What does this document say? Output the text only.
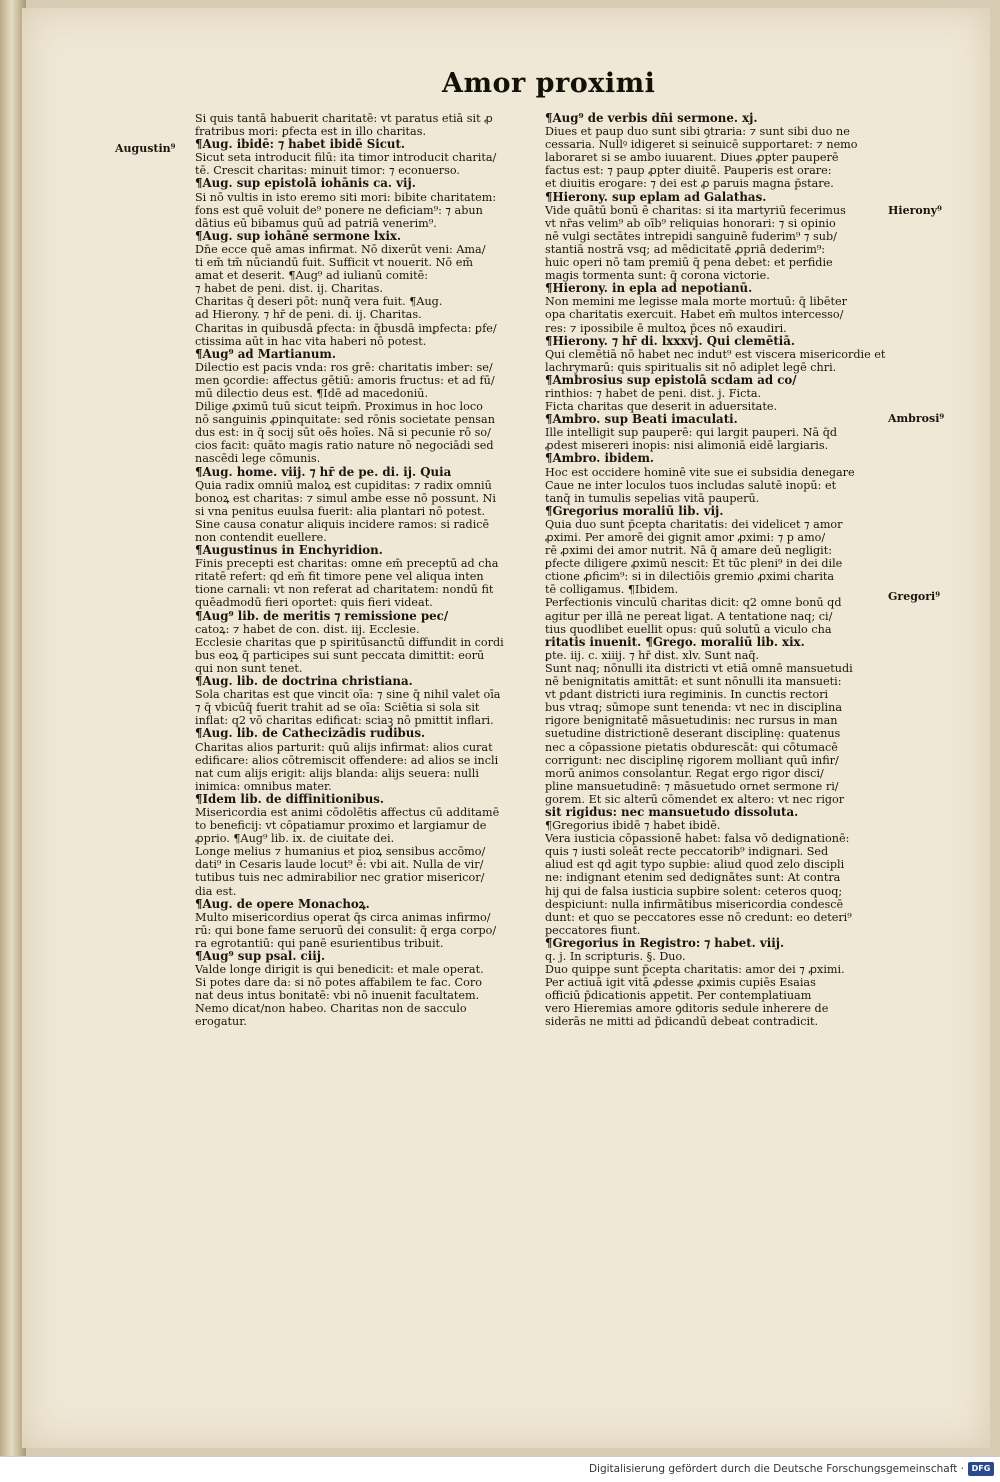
Amor proximi
Augustin⁹
Hierony⁹
Ambrosi⁹
Gregori⁹
Si quis tantā habuerit charitatē: vt paratus etiā sit ꝓ
fratribus mori: ꝑfecta est in illo charitas.
¶Aug. ibidē: ⁊ habet ibidē Sicut.
Sicut seta introducit filū: ita timor introducit charita/
tē. Crescit charitas: minuit timor: ⁊ econuerso.
¶Aug. sup epistolā iohānis ca. vij.
Si nō vultis in isto eremo siti mori: bibite charitatem:
fons est quē voluit de⁹ ponere ne deficiam⁹: ⁊ abun
dātius eū bibamus quū ad patriā venerim⁹.
¶Aug. sup iohānē sermone lxix.
Dn̄e ecce quē amas infirmat. Nō dixerūt veni: Ama/
ti em̄ tm̄ nūciandū fuit. Sufficit vt nouerit. Nō em̄
amat et deserit. ¶Aug⁹ ad iulianū comitē:
⁊ habet de peni. dist. ij. Charitas.
Charitas q̄ deseri pōt: nunq̄ vera fuit. ¶Aug.
ad Hierony. ⁊ hr̄ de peni. di. ij. Charitas.
Charitas in quibusdā ꝑfecta: in q̄busdā imꝑfecta: ꝑfe/
ctissima aūt in hac vita haberi nō potest.
¶Aug⁹ ad Martianum.
Dilectio est pacis vnda: ros grē: charitatis imber: se/
men ꝯcordie: affectus gētiū: amoris fructus: et ad fū/
mū dilectio deus est. ¶Idē ad macedoniū.
Dilige ꝓximū tuū sicut teipm̄. Proximus in hoc loco
nō sanguinis ꝓpinquitate: sed rōnis societate pensan
dus est: in q̄ socij sūt oēs hoīes. Nā si pecunie rō so/
cios facit: quāto magis ratio nature nō negociādi sed
nascēdi lege cōmunis.
¶Aug. home. viij. ⁊ hr̄ de pe. di. ij. Quia
Quia radix omniū maloꝝ est cupiditas: ⁊ radix omniū
bonoꝝ est charitas: ⁊ simul ambe esse nō possunt. Ni
si vna penitus euulsa fuerit: alia plantari nō potest.
Sine causa conatur aliquis incidere ramos: si radicē
non contendit euellere.
¶Augustinus in Enchyridion.
Finis precepti est charitas: omne em̄ preceptū ad cha
ritatē refert: qd̄ em̄ fit timore pene vel aliqua inten
tione carnali: vt non referat ad charitatem: nondū fit
quēadmodū fieri oportet: quis fieri videat.
¶Aug⁹ lib. de meritis ⁊ remissione pec/
catoꝝ: ⁊ habet de con. dist. iij. Ecclesie.
Ecclesie charitas que p spiritūsanctū diffundit in cordi
bus eoꝝ q̄ participes sui sunt peccata dimittit: eorū
qui non sunt tenet.
¶Aug. lib. de doctrina christiana.
Sola charitas est que vincit oīa: ⁊ sine q̄ nihil valet oīa
⁊ q̄ vbicūq̄ fuerit trahit ad se oīa: Sciētia si sola sit
inflat: q2 vō charitas edificat: sciaꝫ nō pmittit inflari.
¶Aug. lib. de Cathecizādis rudibus.
Charitas alios parturit: quū alijs infirmat: alios curat
edificare: alios cōtremiscit offendere: ad alios se incli
nat cum alijs erigit: alijs blanda: alijs seuera: nulli
inimica: omnibus mater.
¶Idem lib. de diffinitionibus.
Misericordia est animi cōdolētis affectus cū additamē
to beneficij: vt cōpatiamur proximo et largiamur de
ꝓprio. ¶Aug⁹ lib. ix. de ciuitate dei.
Longe melius ⁊ humanius et pioꝝ sensibus accōmo/
dati⁹ in Cesaris laude locut⁹ ē: vbi ait. Nulla de vir/
tutibus tuis nec admirabilior nec gratior misericor/
dia est.
¶Aug. de opere Monachoꝝ.
Multo misericordius operat q̄s circa animas infirmo/
rū: qui bone fame seruorū dei consulit: q̄ erga corpo/
ra egrotantiū: qui panē esurientibus tribuit.
¶Aug⁹ sup psal. ciij.
Valde longe dirigit is qui benedicit: et male operat.
Si potes dare da: si nō potes affabilem te fac. Coro
nat deus intus bonitatē: vbi nō inuenit facultatem.
Nemo dicat/non habeo. Charitas non de sacculo
erogatur.
¶Aug⁹ de verbis dn̄i sermone. xj.
Diues et paup duo sunt sibi ꝯtraria: ⁊ sunt sibi duo ne
cessaria. Nullꝰ idigeret si seinuicē supportaret: ⁊ nemo
laboraret si se ambo iuuarent. Diues ꝓpter pauperē
factus est: ⁊ paup ꝓpter diuitē. Pauperis est orare:
et diuitis erogare: ⁊ dei est ꝓ paruis magna p̄stare.
¶Hierony. sup eplam ad Galathas.
Vide quātū bonū ē charitas: si ita martyriū fecerimus
vt nr̄as velim⁹ ab oīb⁹ reliquias honorari: ⁊ si opinio
nē vulgi sectātes intrepidi sanguinē fuderim⁹ ⁊ sub/
stantiā nostrā vsq; ad mēdicitatē ꝓpriā dederim⁹:
huic operi nō tam premiū q̄ pena debet: et perfidie
magis tormenta sunt: q̄ corona victorie.
¶Hierony. in epla ad nepotianū.
Non memini me legisse mala morte mortuū: q̄ libēter
opa charitatis exercuit. Habet em̄ multos intercesso/
res: ⁊ ipossibile ē multoꝝ p̄ces nō exaudiri.
¶Hierony. ⁊ hr̄ di. lxxxvj. Qui clemētiā.
Qui clemētiā nō habet nec indut⁹ est viscera misericordie et
lachrymarū: quis spiritualis sit nō adiplet legē chri.
¶Ambrosius sup epistolā scdam ad co/
rinthios: ⁊ habet de peni. dist. j. Ficta.
Ficta charitas que deserit in aduersitate.
¶Ambro. sup Beati imaculati.
Ille intelligit sup pauperē: qui largit pauperi. Nā q̄d
ꝓdest misereri inopis: nisi alimoniā eidē largiaris.
¶Ambro. ibidem.
Hoc est occidere hominē vite sue ei subsidia denegare
Caue ne inter loculos tuos includas salutē inopū: et
tanq̄ in tumulis sepelias vitā pauperū.
¶Gregorius moraliū lib. vij.
Quia duo sunt p̄cepta charitatis: dei videlicet ⁊ amor
ꝓximi. Per amorē dei gignit amor ꝓximi: ⁊ p amo/
rē ꝓximi dei amor nutrit. Nā q̄ amare deū negligit:
ꝑfecte diligere ꝓximū nescit: Et tūc pleni⁹ in dei dile
ctione ꝓficim⁹: si in dilectiōis gremio ꝓximi charita
tē colligamus. ¶Ibidem.
Perfectionis vinculū charitas dicit: q2 omne bonū qd̄
agitur per illā ne pereat ligat. A tentatione naq; ci/
tius quodlibet euellit opus: quū solutū a viculo cha
ritatis inuenit. ¶Grego. moraliū lib. xix.
ꝑte. iij. c. xiiij. ⁊ hr̄ dist. xlv. Sunt naq̄.
Sunt naq; nōnulli ita districti vt etiā omnē mansuetudi
nē benignitatis amittāt: et sunt nōnulli ita mansueti:
vt ꝑdant districti iura regiminis. In cunctis rectori
bus vtraq; sūmope sunt tenenda: vt nec in disciplina
rigore benignitatē māsuetudinis: nec rursus in man
suetudine districtionē deserant disciplinę: quatenus
nec a cōpassione pietatis obdurescāt: qui cōtumacē
corrigunt: nec disciplinę rigorem molliant quū infir/
morū animos consolantur. Regat ergo rigor disci/
pline mansuetudinē: ⁊ māsuetudo ornet sermone ri/
gorem. Et sic alterū cōmendet ex altero: vt nec rigor
sit rigidus: nec mansuetudo dissoluta.
¶Gregorius ibidē ⁊ habet ibidē.
Vera iusticia cōpassionē habet: falsa vō dedignationē:
quis ⁊ iusti soleāt recte peccatorib⁹ indignari. Sed
aliud est qd̄ agit typo supbie: aliud quod zelo discipli
ne: indignant etenim sed dedignātes sunt: At contra
hij qui de falsa iusticia supbire solent: ceteros quoq;
despiciunt: nulla infirmātibus misericordia condescē
dunt: et quo se peccatores esse nō credunt: eo deteri⁹
peccatores fiunt.
¶Gregorius in Registro: ⁊ habet. viij.
q. j. In scripturis. §. Duo.
Duo quippe sunt p̄cepta charitatis: amor dei ⁊ ꝓximi.
Per actiuā igit vitā ꝓdesse ꝓximis cupiēs Esaias
officiū p̄dicationis appetit. Per contemplatiuam
vero Hieremias amore ꝯditoris sedule inherere de
siderās ne mitti ad p̄dicandū debeat contradicit.
Digitalisierung gefördert durch die Deutsche Forschungsgemeinschaft · DFG
